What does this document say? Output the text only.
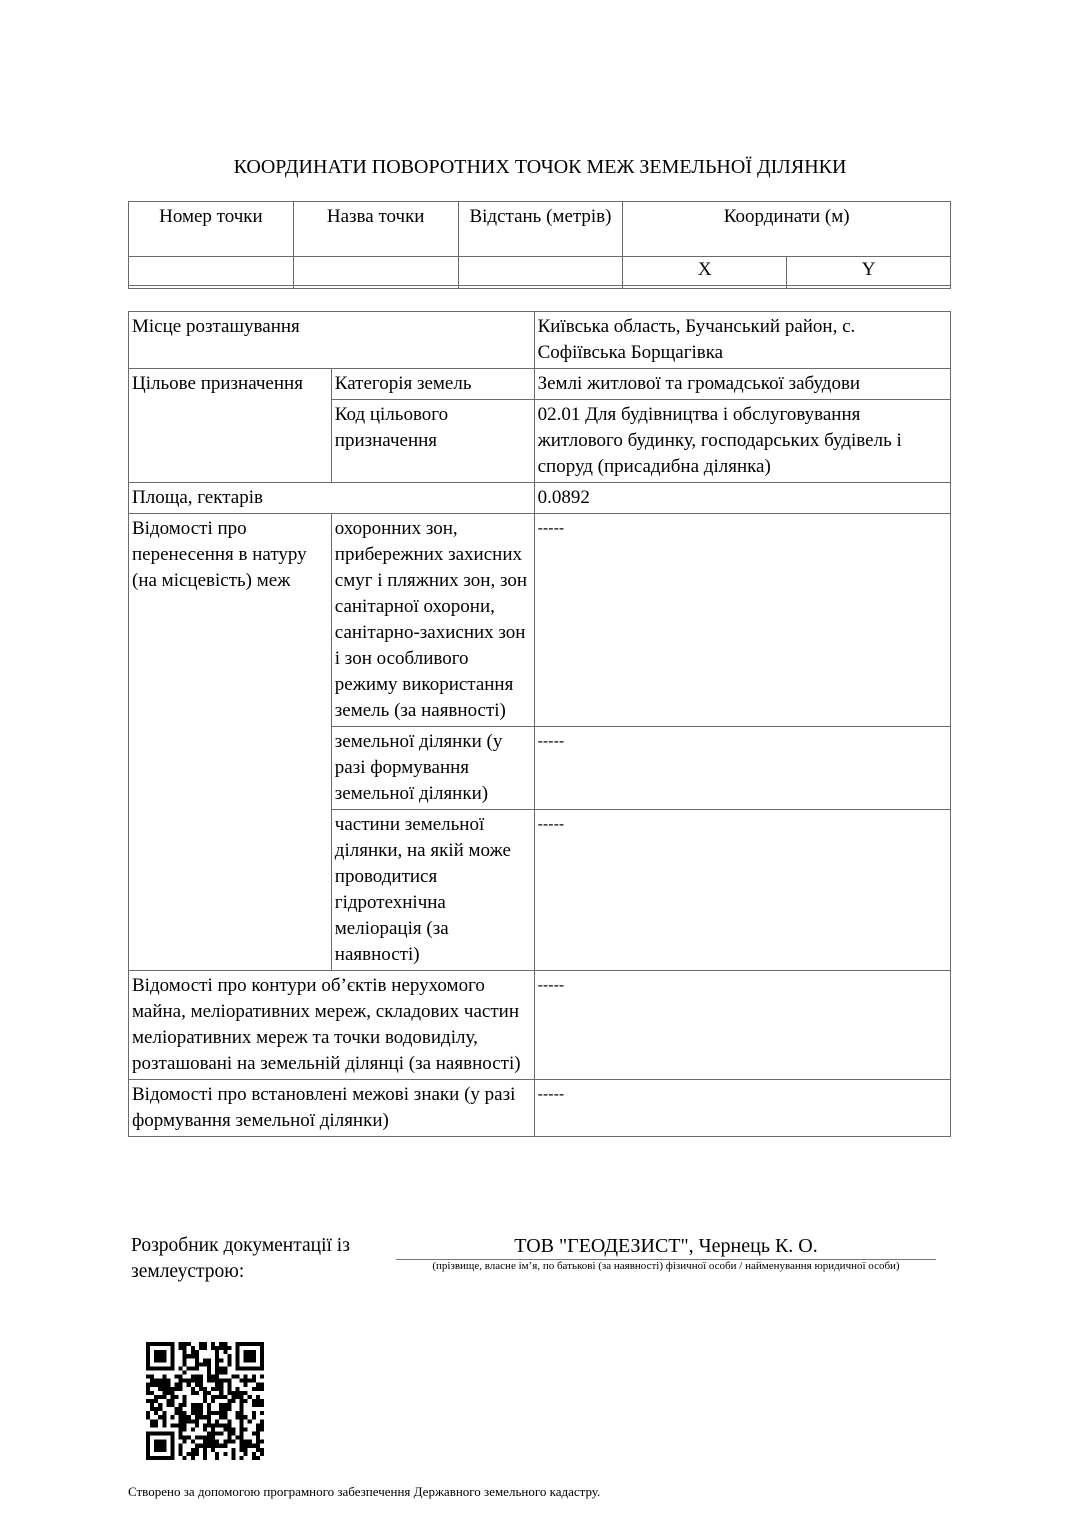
КООРДИНАТИ ПОВОРОТНИХ ТОЧОК МЕЖ ЗЕМЕЛЬНОЇ ДІЛЯНКИ
Номер точки	Назва точки	Відстань (метрів)	Координати (м)	
			X	Y

Місце розташування		Київська область, Бучанський район, с. Софіївська Борщагівка
Цільове призначення	Категорія земель	Землі житлової та громадської забудови
	Код цільового призначення	02.01 Для будівництва і обслуговування житлового будинку, господарських будівель і споруд (присадибна ділянка)
Площа, гектарів		0.0892
Відомості про перенесення в натуру (на місцевість) меж	охоронних зон, прибережних захисних смуг і пляжних зон, зон санітарної охорони, санітарно-захисних зон і зон особливого режиму використання земель (за наявності)	-----
	земельної ділянки (у разі формування земельної ділянки)	-----
	частини земельної ділянки, на якій може проводитися гідротехнічна меліорація (за наявності)	-----
Відомості про контури об’єктів нерухомого майна, меліоративних мереж, складових частин меліоративних мереж та точки водовиділу, розташовані на земельній ділянці (за наявності)		-----
Відомості про встановлені межові знаки (у разі формування земельної ділянки)		-----
Розробник документації із землеустрою:
ТОВ "ГЕОДЕЗИСТ", Чернець К. О.
(прізвище, власне ім’я, по батькові (за наявності) фізичної особи / найменування юридичної особи)
Створено за допомогою програмного забезпечення Державного земельного кадастру.
